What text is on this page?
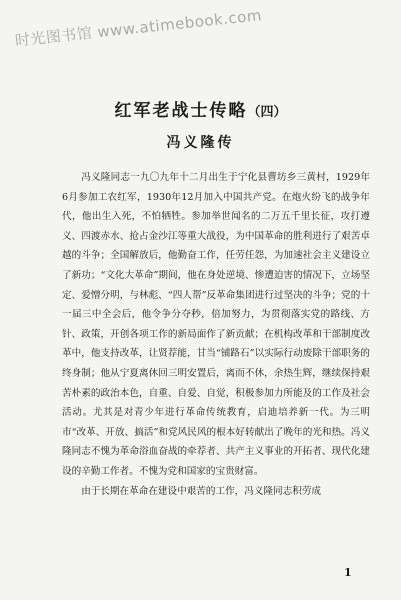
时光图书馆 www.atimebook.com
红军老战士传略（四）
冯义隆传

冯义隆同志一九〇九年十二月出生于宁化县曹坊乡三黄村，1929年6月参加工农红军，1930年12月加入中国共产党。在炮火纷飞的战争年代，他出生入死，不怕牺牲。参加举世闻名的二万五千里长征，攻打遵义、四渡赤水、抢占金沙江等重大战役，为中国革命的胜利进行了艰苦卓越的斗争；全国解放后，他勤奋工作，任劳任怨，为加速社会主义建设立了新功；“文化大革命”期间，他在身处逆境、惨遭迫害的情况下，立场坚定、爱憎分明，与林彪、“四人帮”反革命集团进行过坚决的斗争；党的十一届三中全会后，他令争分夺秒，倍加努力，为贯彻落实党的路线、方针、政策，开创各项工作的新局面作了新贡献；在机构改革和干部制度改革中，他支持改革，让贤荐能，甘当“铺路石”以实际行动废除干部职务的终身制；他从宁夏离休回三明安置后，离而不休，余热生辉，继续保持艰苦朴素的政治本色，自重、自爱、自觉，积极参加力所能及的工作及社会活动。尤其是对青少年进行革命传统教育，启迪培养新一代。为三明市“改革、开放、搞活”和党风民风的根本好转献出了晚年的光和热。冯义隆同志不愧为革命浴血奋战的牵荐者、共产主义事业的开拓者、现代化建设的辛勤工作者。不愧为党和国家的宝贵财富。

由于长期在革命在建设中艰苦的工作，冯义隆同志积劳成

1
